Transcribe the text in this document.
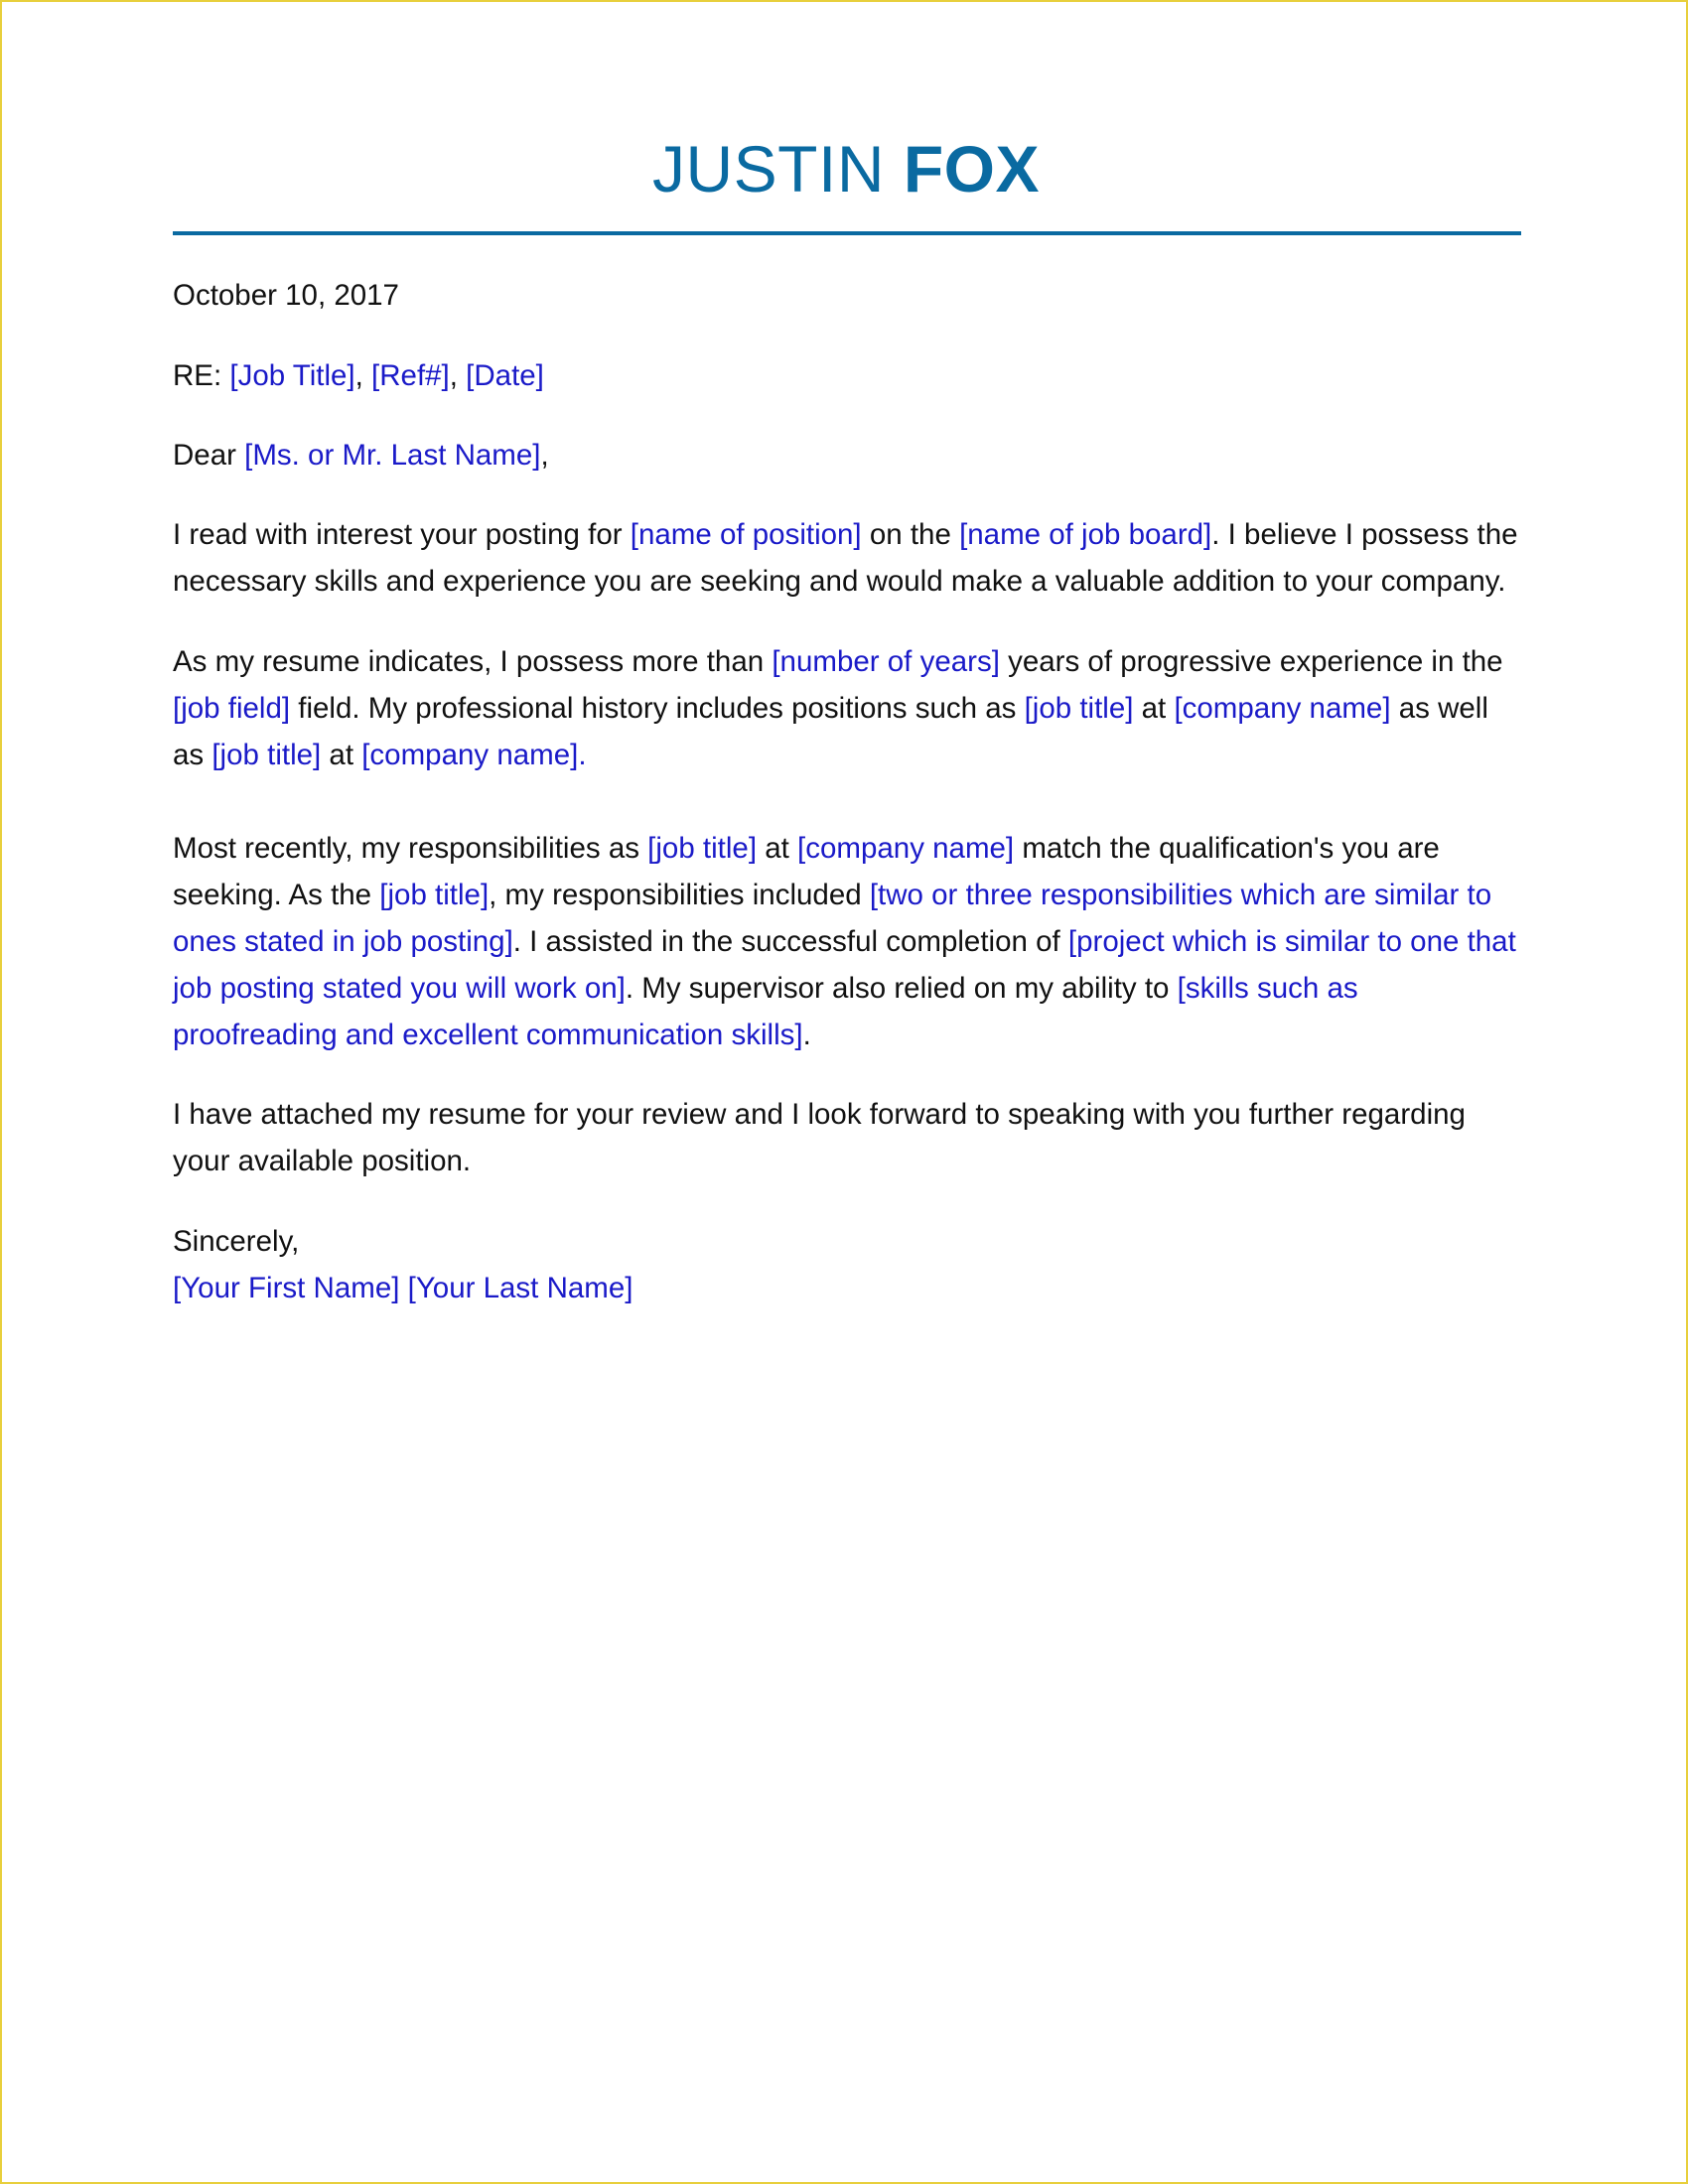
JUSTIN FOX
October 10, 2017
RE: [Job Title], [Ref#], [Date]
Dear [Ms. or Mr. Last Name],
I read with interest your posting for [name of position] on the [name of job board]. I believe I possess the
necessary skills and experience you are seeking and would make a valuable addition to your company.
As my resume indicates, I possess more than [number of years] years of progressive experience in the
[job field] field. My professional history includes positions such as [job title] at [company name] as well
as [job title] at [company name].
Most recently, my responsibilities as [job title] at [company name] match the qualification's you are
seeking. As the [job title], my responsibilities included [two or three responsibilities which are similar to
ones stated in job posting]. I assisted in the successful completion of [project which is similar to one that
job posting stated you will work on]. My supervisor also relied on my ability to [skills such as
proofreading and excellent communication skills].
I have attached my resume for your review and I look forward to speaking with you further regarding
your available position.
Sincerely,
[Your First Name] [Your Last Name]
